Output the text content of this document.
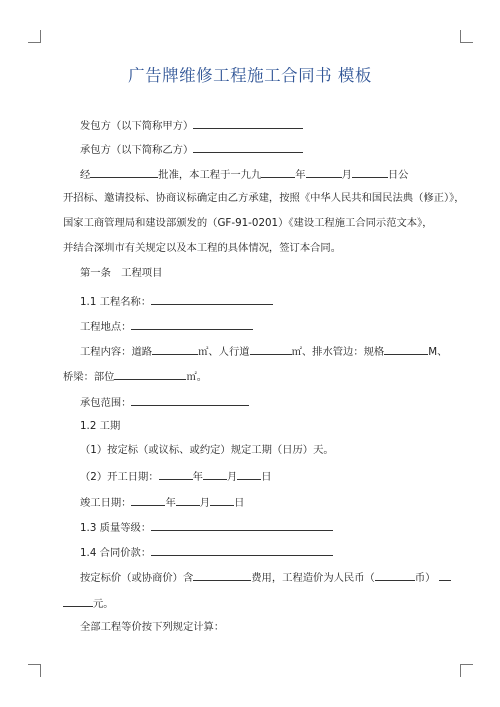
广告牌维修工程施工合同书 模板
发包方（以下简称甲方）
承包方（以下简称乙方）
经	批准，本工程于一九九	年	月	日公
开招标、邀请投标、协商议标确定由乙方承建，按照《中华人民共和国民法典（修正）》，
国家工商管理局和建设部颁发的（GF-91-0201）《建设工程施工合同示范文本》，
并结合深圳市有关规定以及本工程的具体情况，签订本合同。
第一条　工程项目
1.1 工程名称：
工程地点：
工程内容：道路	㎡、人行道	㎡、排水管边：规格	M、
桥梁：部位	㎡。
承包范围：
1.2 工期
（1）按定标（或议标、或约定）规定工期（日历）天。
（2）开工日期：	年 月 日
竣工日期：	年 月 日
1.3 质量等级：
1.4 合同价款：
按定标价（或协商价）含	费用，工程造价为人民币（	币）
元。
全部工程等价按下列规定计算：
